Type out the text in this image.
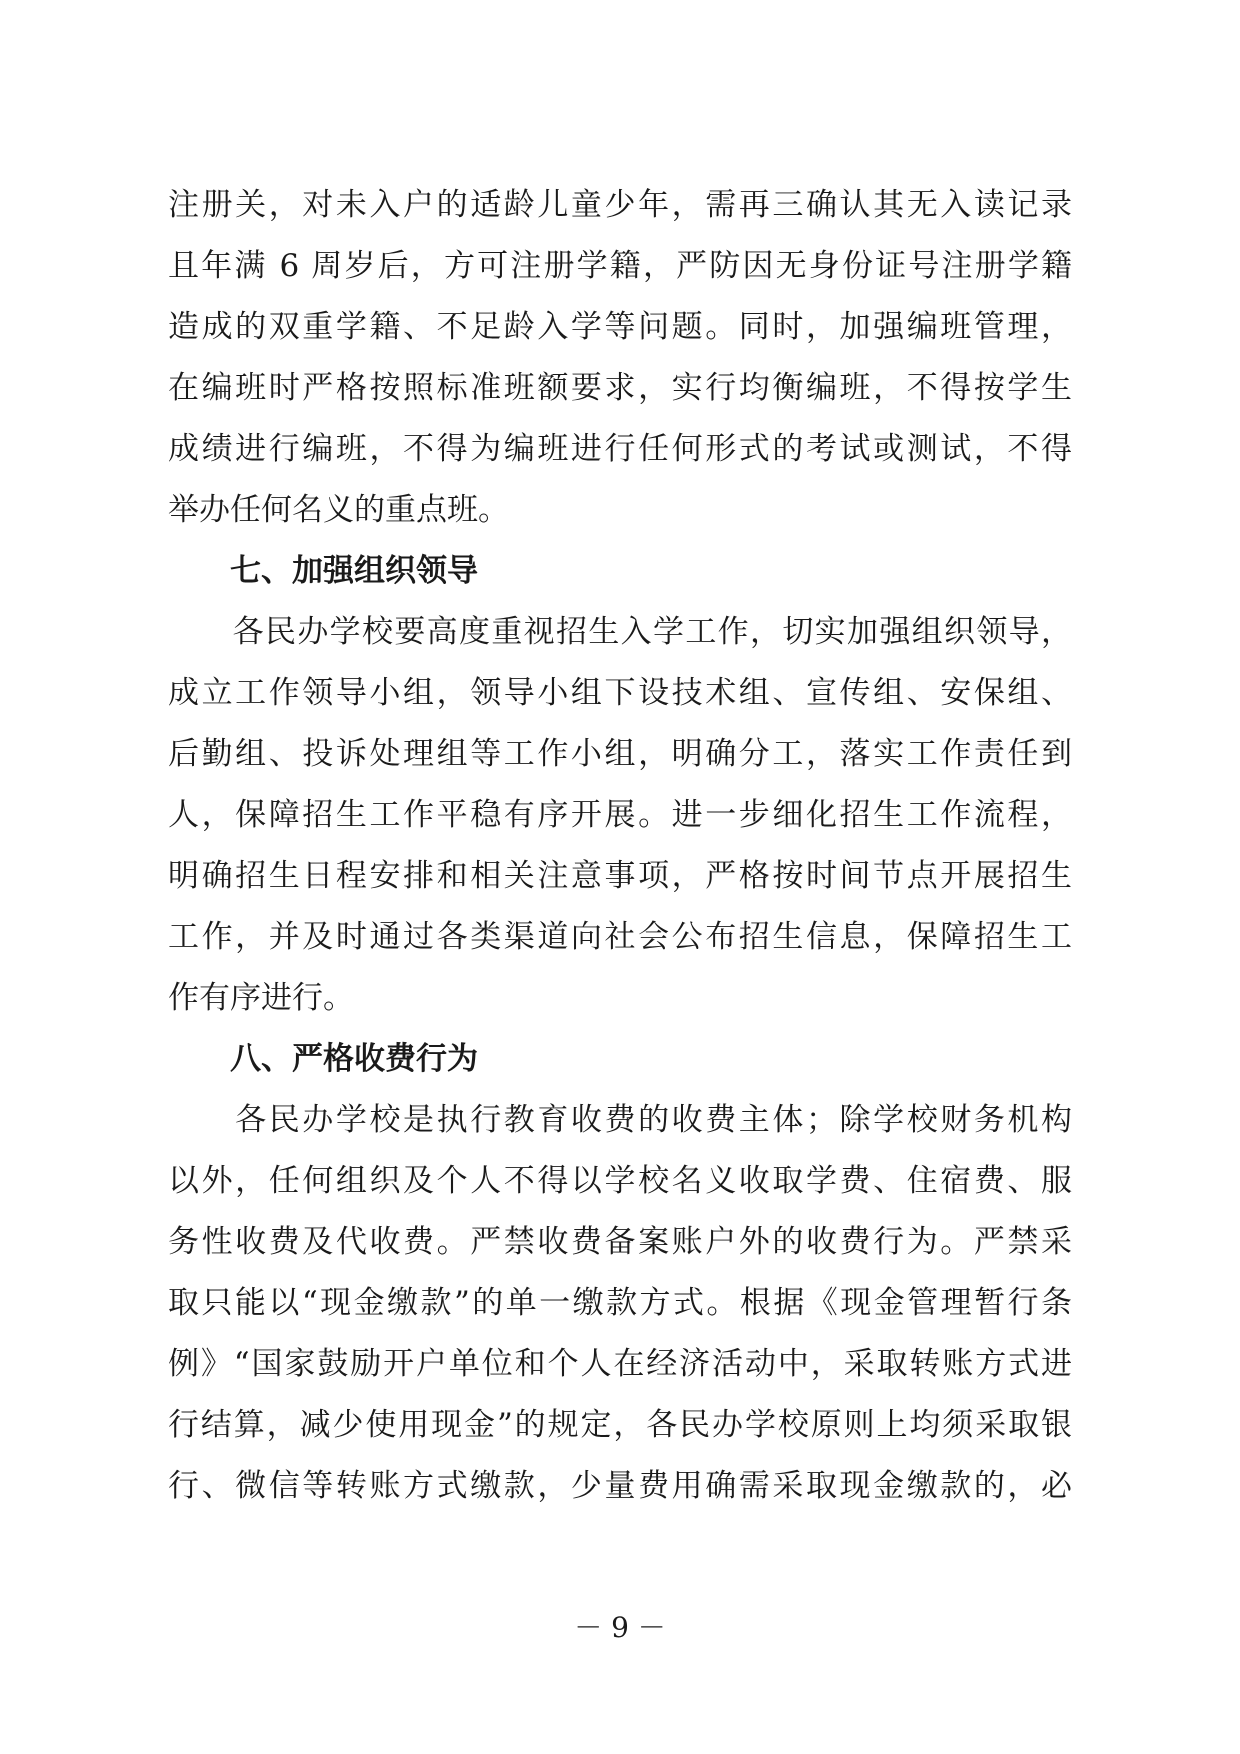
注册关，对未入户的适龄儿童少年，需再三确认其无入读记录
且年满 6 周岁后，方可注册学籍，严防因无身份证号注册学籍
造成的双重学籍、不足龄入学等问题。同时，加强编班管理，
在编班时严格按照标准班额要求，实行均衡编班，不得按学生
成绩进行编班，不得为编班进行任何形式的考试或测试，不得
举办任何名义的重点班。
七、加强组织领导
　　各民办学校要高度重视招生入学工作，切实加强组织领导，
成立工作领导小组，领导小组下设技术组、宣传组、安保组、
后勤组、投诉处理组等工作小组，明确分工，落实工作责任到
人，保障招生工作平稳有序开展。进一步细化招生工作流程，
明确招生日程安排和相关注意事项，严格按时间节点开展招生
工作，并及时通过各类渠道向社会公布招生信息，保障招生工
作有序进行。
八、严格收费行为
　　各民办学校是执行教育收费的收费主体；除学校财务机构
以外，任何组织及个人不得以学校名义收取学费、住宿费、服
务性收费及代收费。严禁收费备案账户外的收费行为。严禁采
取只能以“现金缴款”的单一缴款方式。根据《现金管理暂行条
例》“国家鼓励开户单位和个人在经济活动中，采取转账方式进
行结算，减少使用现金”的规定，各民办学校原则上均须采取银
行、微信等转账方式缴款，少量费用确需采取现金缴款的，必
－ 9 －
